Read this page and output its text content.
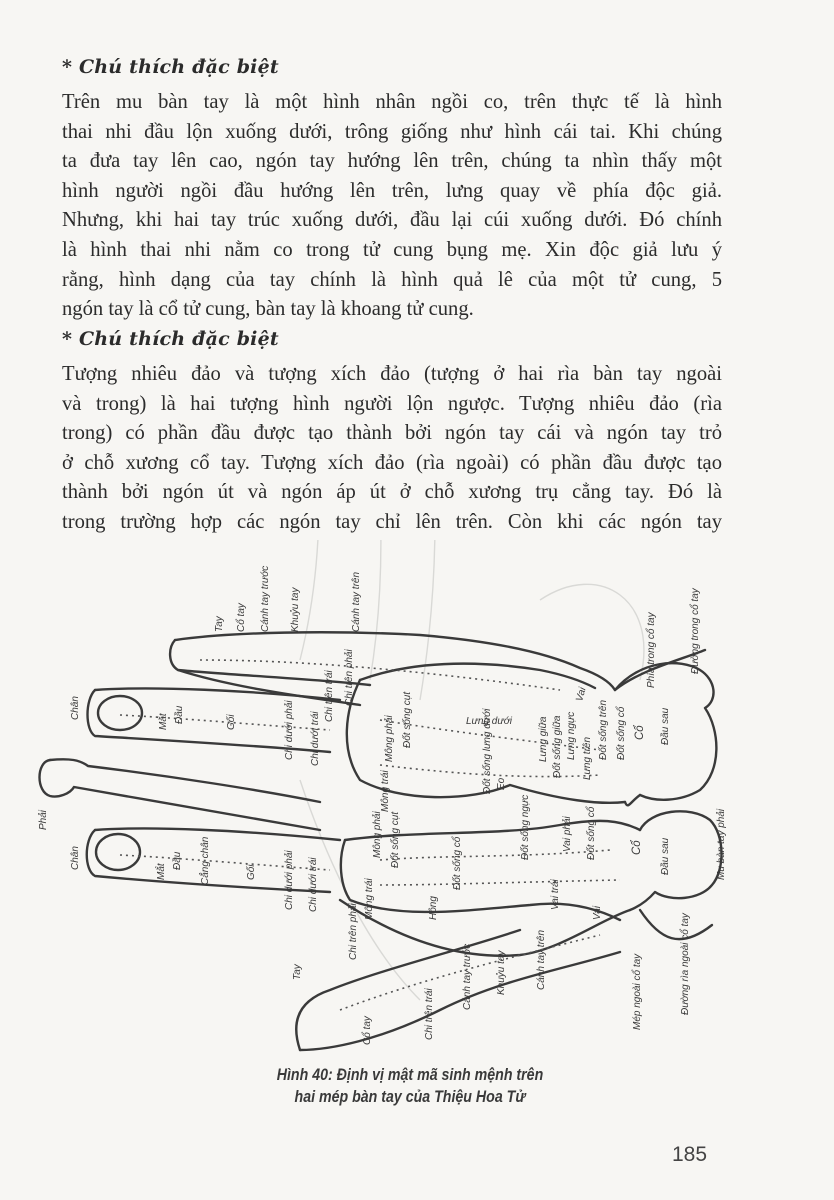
* Chú thích đặc biệt
Trên mu bàn tay là một hình nhân ngồi co, trên thực tế là hình
thai nhi đầu lộn xuống dưới, trông giống như hình cái tai. Khi chúng
ta đưa tay lên cao, ngón tay hướng lên trên, chúng ta nhìn thấy một
hình người ngồi đầu hướng lên trên, lưng quay về phía độc giả.
Nhưng, khi hai tay trúc xuống dưới, đầu lại cúi xuống dưới. Đó chính
là hình thai nhi nằm co trong tử cung bụng mẹ. Xin độc giả lưu ý
rằng, hình dạng của tay chính là hình quả lê của một tử cung, 5
ngón tay là cổ tử cung, bàn tay là khoang tử cung.
* Chú thích đặc biệt
Tượng nhiêu đảo và tượng xích đảo (tượng ở hai rìa bàn tay ngoài
và trong) là hai tượng hình người lộn ngược. Tượng nhiêu đảo (rìa
trong) có phần đầu được tạo thành bởi ngón tay cái và ngón tay trỏ
ở chỗ xương cổ tay. Tượng xích đảo (rìa ngoài) có phần đầu được tạo
thành bởi ngón út và ngón áp út ở chỗ xương trụ cẳng tay. Đó là
trong trường hợp các ngón tay chỉ lên trên. Còn khi các ngón tay
Tay Cổ tay Cánh tay trước Khuỷu tay	Cánh tay trên
Chân
Phải
Chân
Mắt Đầu	Gối	Chi dưới phải Chi dưới trái
Chi trên trái Chi trên phải
Mông phải Đốt sống cụt
Mông trái
Lưng dưới
Đốt sống lưng dưới Eo
Lưng giữa Đốt sống giữa Lưng ngực Lưng trên Đốt sống trên
Vai
Đốt sống cổ Cổ Đầu sau
Phía trong cổ tay	Đường trong cổ tay
Mu bàn tay phải
Mắt
Đầu Cẳng chân	Gối	Chi dưới phải Chi dưới trái
Mông phải Đốt sống cụt
Mông trái	Hông
Đốt sống cổ
Đốt sống ngực
Vai trái
Vai phải Đốt sống cổ	Cổ Đầu sau
Vai
Tay
Chi trên phải
Cổ tay	Chi trên trái
Cánh tay trước Khuỷu tay	Cánh tay trên	Mép ngoài cổ tay	Đường rìa ngoài cổ tay
Hình 40: Định vị mật mã sinh mệnh trên
hai mép bàn tay của Thiệu Hoa Tử
185
